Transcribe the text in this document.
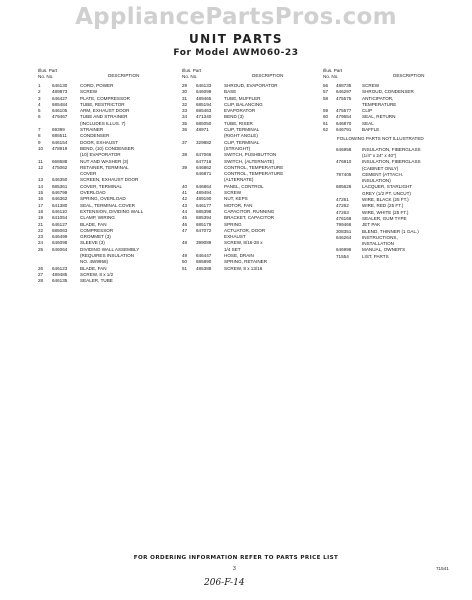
AppliancePartsPros.com
UNIT PARTS
For Model AWM060-23
Illus. Part
No. No.	DESCRIPTION
1	646130	CORD, POWER
2	489873	SCREW
3	646427	PLATE, COMPRESSOR
4	685484	TUBE, RESTRICTOR
5	646105	ARM, EXHAUST DOOR
6	479467	TUBE AND STRAINER
(INCLUDES ILLUS. 7)
7	69399	STRAINER
8	685511	CONDENSER
9	646154	DOOR, EXHAUST
10	478919	BEND, (10) CONDENSER
(10) EVAPORATOR
11	668688	NUT AND WASHER (3)
12	475062	RETAINER, TERMINAL
COVER
13	646350	SCREEN, EXHAUST DOOR
14	685361	COVER, TERMINAL
15	646799	OVERLOAD
16	646362	SPRING, OVERLOAD
17	641380	SEAL, TERMINAL COVER
18	646110	EXTENSION, DIVIDING WALL
19	641054	CLAMP, WIRING
21	646127	BLADE, FAN
22	685063	COMPRESSOR
23	646499	GROMMET (3)
24	646098	SLEEVE (3)
25	646064	DIVIDING WALL ASSEMBLY
(REQUIRES INSULATION
NO. 4W9958)
26	646123	BLADE, FAN
27	489485	SCREW, 8 x 1/2
28	646135	SEALER, TUBE
Illus. Part
No. No.	DESCRIPTION
29	646133	SHROUD, EVAPORATOR
30	646099	BASE
31	489465	TUBE, MUFFLER
32	685194	CLIP, BALANCING
33	685463	EVAPORATOR
34	471340	BEND (3)
35	685050	TUBE, RISER
36	48971	CLIP, TERMINAL
(RIGHT ANGLE)
37	329882	CLIP, TERMINAL
(STRAIGHT)
38	647066	SWITCH, PUSHBUTTON
647716	SWITCH, (ALTERNATE)
39	646862	CONTROL, TEMPERATURE
646871	CONTROL, TEMPERATURE
(ALTERNATE)
40	646864	PANEL, CONTROL
41	489494	SCREW
42	489190	NUT, KEPS
43	646177	MOTOR, FAN
44	685398	CAPACITOR, RUNNING
45	685394	BRACKET, CAPACITOR
46	685179	SPRING
47	647072	ACTUATOR, DOOR
EXHAUST
48	399089	SCREW, 8/16-28 x
1/4 SET
49	646447	HOSE, DRAIN
50	685890	SPRING, RETAINER
51	485388	SCREW, 8 x 13/16
Illus. Part
No. No.	DESCRIPTION
56	488735	SCREW
57	646297	SHROUD, CONDENSER
58	475575	ANTICIPATOR,
TEMPERATURE
59	475577	CLIP
60	479654	SEAL, RETURN
61	646870	SEAL
62	646791	BAFFLE
FOLLOWING PARTS NOT ILLUSTRATED
646958	INSULATION, FIBERGLASS
(1/4" x 24" x 40")
476810	INSULATION, FIBERGLASS
(CABINET ONLY)
797405	CEMENT (ATTACH.
INSULATION)
685626	LACQUER, STARLIGHT
GREY (1/2 PT. UNCUT)
47261	WIRE, BLACK (25 FT.)
47262	WIRE, RED (25 FT.)
47263	WIRE, WHITE (25 FT.)
476168	SEALER, GUM TYPE
799466	JET PAK
308351	BLEND, THINNER (1 GAL.)
646264	INSTRUCTIONS,
INSTALLATION
646996	MANUAL, OWNER'S
71554	LIST, PARTS
FOR ORDERING INFORMATION REFER TO PARTS PRICE LIST
3
206-F-14
71541
